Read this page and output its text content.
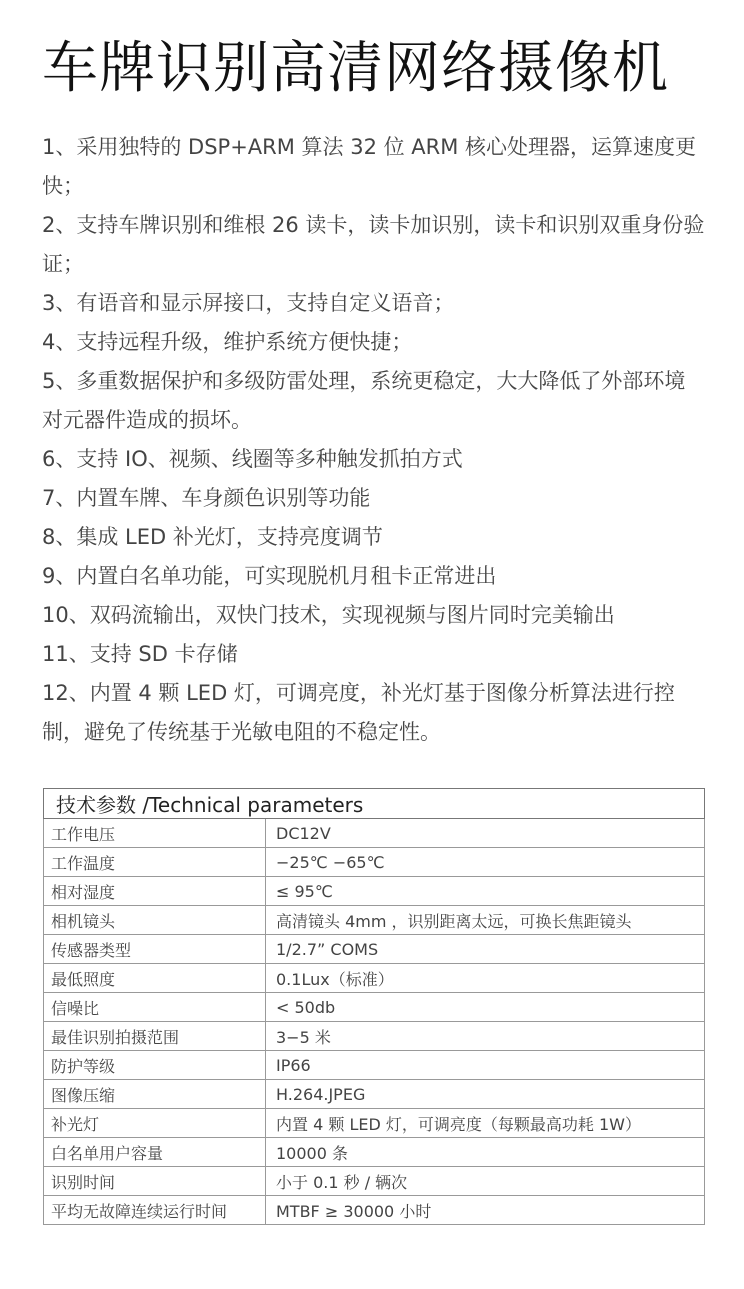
车牌识别高清网络摄像机
1、采用独特的 DSP+ARM 算法 32 位 ARM 核心处理器，运算速度更快；
2、支持车牌识别和维根 26 读卡，读卡加识别，读卡和识别双重身份验证；
3、有语音和显示屏接口，支持自定义语音；
4、支持远程升级，维护系统方便快捷；
5、多重数据保护和多级防雷处理，系统更稳定，大大降低了外部环境对元器件造成的损坏。
6、支持 IO、视频、线圈等多种触发抓拍方式
7、内置车牌、车身颜色识别等功能
8、集成 LED 补光灯，支持亮度调节
9、内置白名单功能，可实现脱机月租卡正常进出
10、双码流输出，双快门技术，实现视频与图片同时完美输出
11、支持 SD 卡存储
12、内置 4 颗 LED 灯，可调亮度，补光灯基于图像分析算法进行控制，避免了传统基于光敏电阻的不稳定性。
技术参数 /Technical parameters	
工作电压	DC12V
工作温度	−25℃ −65℃
相对湿度	≤ 95℃
相机镜头	高清镜头 4mm ，识别距离太远，可换长焦距镜头
传感器类型	1/2.7” COMS
最低照度	0.1Lux（标准）
信噪比	< 50db
最佳识别拍摄范围	3−5 米
防护等级	IP66
图像压缩	H.264.JPEG
补光灯	内置 4 颗 LED 灯，可调亮度（每颗最高功耗 1W）
白名单用户容量	10000 条
识别时间	小于 0.1 秒 / 辆次
平均无故障连续运行时间	MTBF ≥ 30000 小时
